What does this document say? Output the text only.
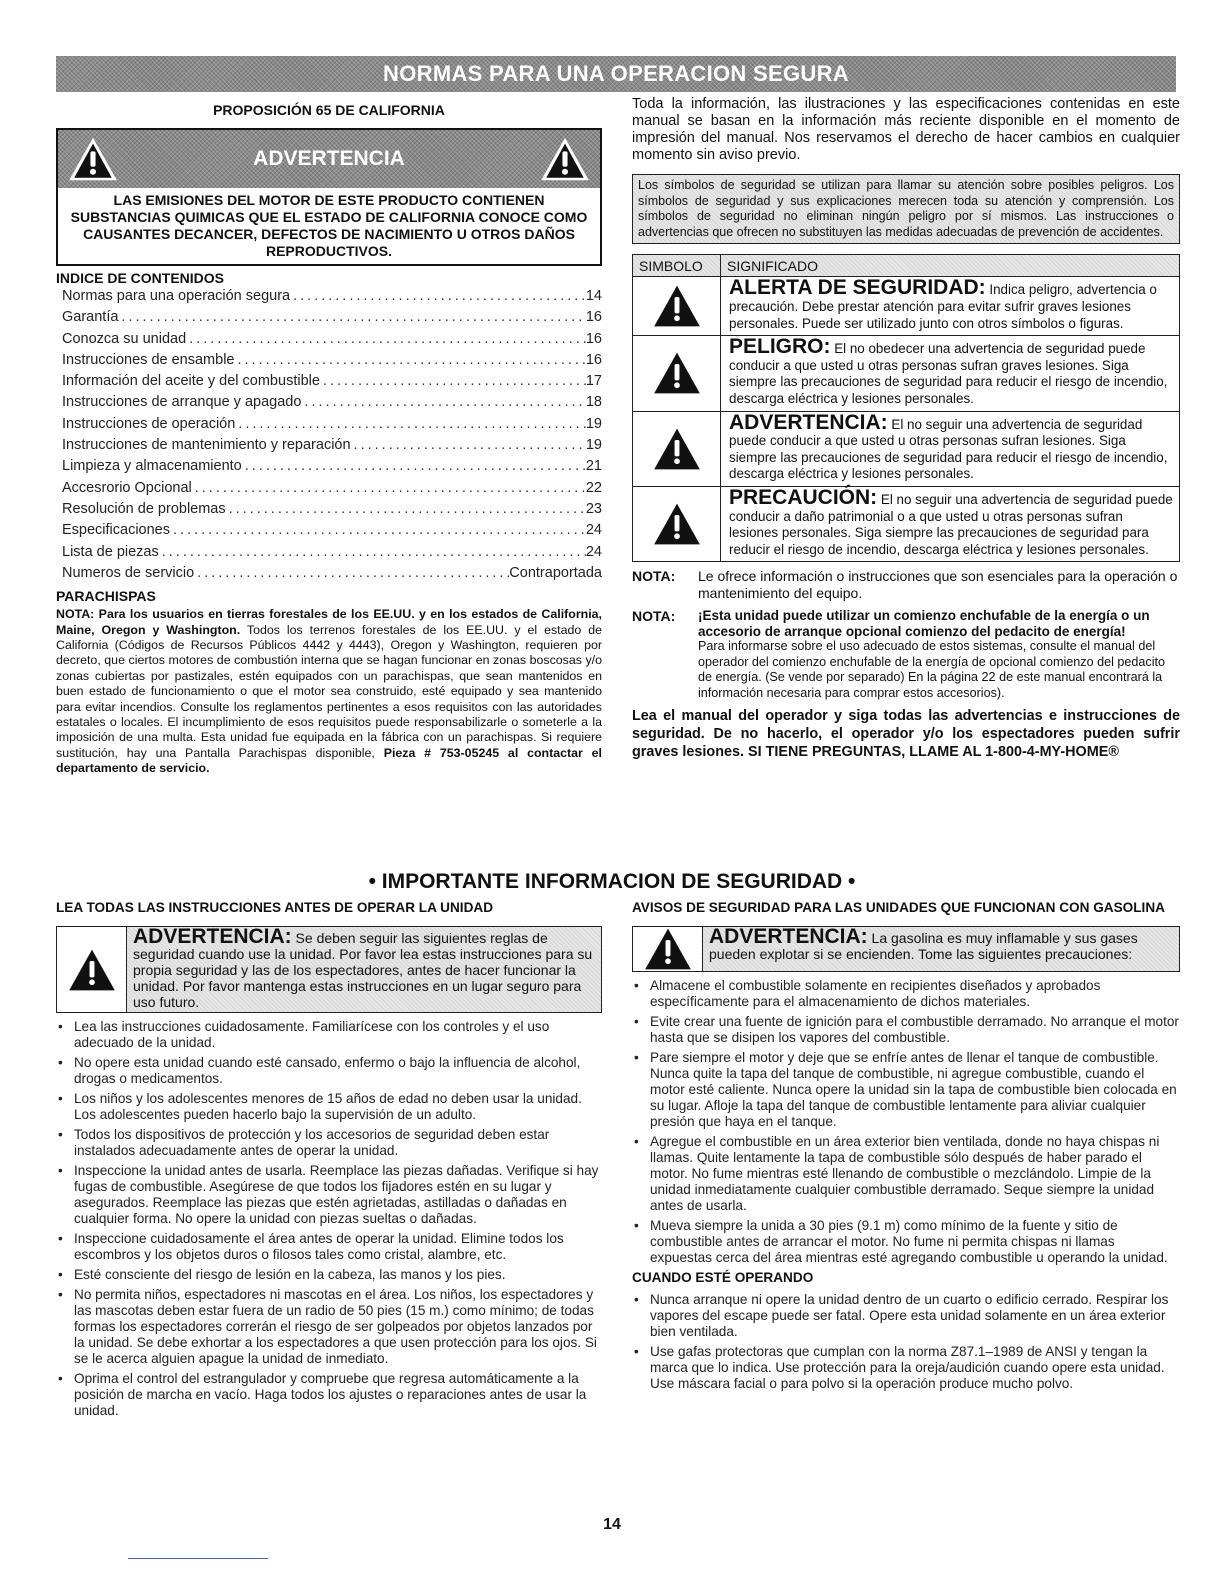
NORMAS PARA UNA OPERACION SEGURA
PROPOSICIÓN 65 DE CALIFORNIA
ADVERTENCIA
LAS EMISIONES DEL MOTOR DE ESTE PRODUCTO CONTIENEN SUBSTANCIAS QUIMICAS QUE EL ESTADO DE CALIFORNIA CONOCE COMO CAUSANTES DECANCER, DEFECTOS DE NACIMIENTO U OTROS DAÑOS REPRODUCTIVOS.
INDICE DE CONTENIDOS
Normas para una operación segura .....	14
Garantía .....	16
Conozca su unidad .....	16
Instrucciones de ensamble .....	16
Información del aceite y del combustible .....	17
Instrucciones de arranque y apagado .....	18
Instrucciones de operación .....	19
Instrucciones de mantenimiento y reparación .....	19
Limpieza y almacenamiento .....	21
Accesrorio Opcional .....	22
Resolución de problemas .....	23
Especificaciones .....	24
Lista de piezas .....	24
Numeros de servicio .....	Contraportada
PARACHISPAS
NOTA: Para los usuarios en tierras forestales de los EE.UU. y en los estados de California, Maine, Oregon y Washington. Todos los terrenos forestales de los EE.UU. y el estado de California (Códigos de Recursos Públicos 4442 y 4443), Oregon y Washington, requieren por decreto, que ciertos motores de combustión interna que se hagan funcionar en zonas boscosas y/o zonas cubiertas por pastizales, estén equipados con un parachispas, que sean mantenidos en buen estado de funcionamiento o que el motor sea construido, esté equipado y sea mantenido para evitar incendios. Consulte los reglamentos pertinentes a esos requisitos con las autoridades estatales o locales. El incumplimiento de esos requisitos puede responsabilizarle o someterle a la imposición de una multa. Esta unidad fue equipada en la fábrica con un parachispas. Si requiere sustitución, hay una Pantalla Parachispas disponible, Pieza # 753-05245 al contactar el departamento de servicio.
Toda la información, las ilustraciones y las especificaciones contenidas en este manual se basan en la información más reciente disponible en el momento de impresión del manual. Nos reservamos el derecho de hacer cambios en cualquier momento sin aviso previo.
Los símbolos de seguridad se utilizan para llamar su atención sobre posibles peligros. Los símbolos de seguridad y sus explicaciones merecen toda su atención y comprensión. Los símbolos de seguridad no eliminan ningún peligro por sí mismos. Las instrucciones o advertencias que ofrecen no substituyen las medidas adecuadas de prevención de accidentes.
SIMBOLO	SIGNIFICADO
ALERTA DE SEGURIDAD: Indica peligro, advertencia o precaución. Debe prestar atención para evitar sufrir graves lesiones personales. Puede ser utilizado junto con otros símbolos o figuras.
PELIGRO: El no obedecer una advertencia de seguridad puede conducir a que usted u otras personas sufran graves lesiones. Siga siempre las precauciones de seguridad para reducir el riesgo de incendio, descarga eléctrica y lesiones personales.
ADVERTENCIA: El no seguir una advertencia de seguridad puede conducir a que usted u otras personas sufran lesiones. Siga siempre las precauciones de seguridad para reducir el riesgo de incendio, descarga eléctrica y lesiones personales.
PRECAUCIÓN: El no seguir una advertencia de seguridad puede conducir a daño patrimonial o a que usted u otras personas sufran lesiones personales. Siga siempre las precauciones de seguridad para reducir el riesgo de incendio, descarga eléctrica y lesiones personales.
NOTA:	Le ofrece información o instrucciones que son esenciales para la operación o mantenimiento del equipo.
NOTA:	¡Esta unidad puede utilizar un comienzo enchufable de la energía o un accesorio de arranque opcional comienzo del pedacito de energía!
Para informarse sobre el uso adecuado de estos sistemas, consulte el manual del operador del comienzo enchufable de la energía de opcional comienzo del pedacito de energía. (Se vende por separado) En la página 22 de este manual encontrará la información necesaria para comprar estos accesorios).
Lea el manual del operador y siga todas las advertencias e instrucciones de seguridad. De no hacerlo, el operador y/o los espectadores pueden sufrir graves lesiones. SI TIENE PREGUNTAS, LLAME AL 1-800-4-MY-HOME®
• IMPORTANTE INFORMACION DE SEGURIDAD •
LEA TODAS LAS INSTRUCCIONES ANTES DE OPERAR LA UNIDAD
ADVERTENCIA: Se deben seguir las siguientes reglas de seguridad cuando use la unidad. Por favor lea estas instrucciones para su propia seguridad y las de los espectadores, antes de hacer funcionar la unidad. Por favor mantenga estas instrucciones en un lugar seguro para uso futuro.
• Lea las instrucciones cuidadosamente. Familiarícese con los controles y el uso adecuado de la unidad.
• No opere esta unidad cuando esté cansado, enfermo o bajo la influencia de alcohol, drogas o medicamentos.
• Los niños y los adolescentes menores de 15 años de edad no deben usar la unidad. Los adolescentes pueden hacerlo bajo la supervisión de un adulto.
• Todos los dispositivos de protección y los accesorios de seguridad deben estar instalados adecuadamente antes de operar la unidad.
• Inspeccione la unidad antes de usarla. Reemplace las piezas dañadas. Verifique si hay fugas de combustible. Asegúrese de que todos los fijadores estén en su lugar y asegurados. Reemplace las piezas que estén agrietadas, astilladas o dañadas en cualquier forma. No opere la unidad con piezas sueltas o dañadas.
• Inspeccione cuidadosamente el área antes de operar la unidad. Elimine todos los escombros y los objetos duros o filosos tales como cristal, alambre, etc.
• Esté consciente del riesgo de lesión en la cabeza, las manos y los pies.
• No permita niños, espectadores ni mascotas en el área. Los niños, los espectadores y las mascotas deben estar fuera de un radio de 50 pies (15 m.) como mínimo; de todas formas los espectadores correrán el riesgo de ser golpeados por objetos lanzados por la unidad. Se debe exhortar a los espectadores a que usen protección para los ojos. Si se le acerca alguien apague la unidad de inmediato.
• Oprima el control del estrangulador y compruebe que regresa automáticamente a la posición de marcha en vacío. Haga todos los ajustes o reparaciones antes de usar la unidad.
AVISOS DE SEGURIDAD PARA LAS UNIDADES QUE FUNCIONAN CON GASOLINA
ADVERTENCIA: La gasolina es muy inflamable y sus gases pueden explotar si se encienden. Tome las siguientes precauciones:
• Almacene el combustible solamente en recipientes diseñados y aprobados específicamente para el almacenamiento de dichos materiales.
• Evite crear una fuente de ignición para el combustible derramado. No arranque el motor hasta que se disipen los vapores del combustible.
• Pare siempre el motor y deje que se enfríe antes de llenar el tanque de combustible. Nunca quite la tapa del tanque de combustible, ni agregue combustible, cuando el motor esté caliente. Nunca opere la unidad sin la tapa de combustible bien colocada en su lugar. Afloje la tapa del tanque de combustible lentamente para aliviar cualquier presión que haya en el tanque.
• Agregue el combustible en un área exterior bien ventilada, donde no haya chispas ni llamas. Quite lentamente la tapa de combustible sólo después de haber parado el motor. No fume mientras esté llenando de combustible o mezclándolo. Limpie de la unidad inmediatamente cualquier combustible derramado. Seque siempre la unidad antes de usarla.
• Mueva siempre la unida a 30 pies (9.1 m) como mínimo de la fuente y sitio de combustible antes de arrancar el motor. No fume ni permita chispas ni llamas expuestas cerca del área mientras esté agregando combustible u operando la unidad.
CUANDO ESTÉ OPERANDO
• Nunca arranque ni opere la unidad dentro de un cuarto o edificio cerrado. Respirar los vapores del escape puede ser fatal. Opere esta unidad solamente en un área exterior bien ventilada.
• Use gafas protectoras que cumplan con la norma Z87.1–1989 de ANSI y tengan la marca que lo indica. Use protección para la oreja/audición cuando opere esta unidad. Use máscara facial o para polvo si la operación produce mucho polvo.
14
